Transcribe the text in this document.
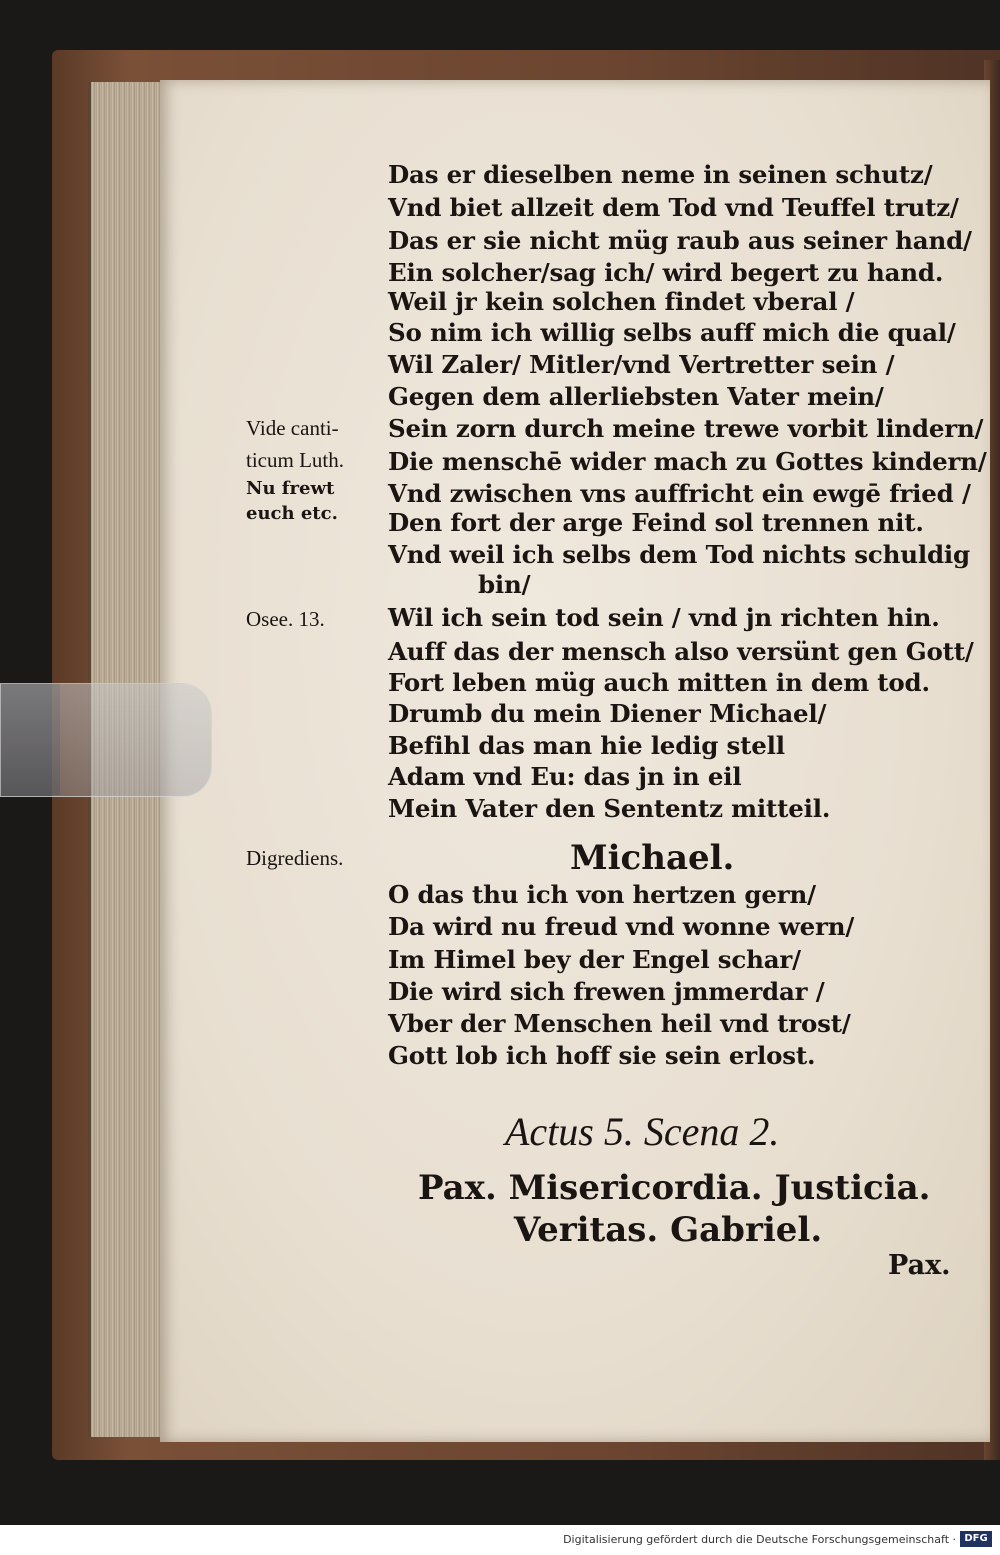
Das er dieselben neme in seinen schutz/
Vnd biet allzeit dem Tod vnd Teuffel trutz/
Das er sie nicht müg raub aus seiner hand/
Ein solcher/sag ich/ wird begert zu hand.
Weil jr kein solchen findet vberal /
So nim ich willig selbs auff mich die qual/
Wil Zaler/ Mitler/vnd Vertretter sein /
Gegen dem allerliebsten Vater mein/
Sein zorn durch meine trewe vorbit lindern/
Die menschē wider mach zu Gottes kindern/
Vnd zwischen vns auffricht ein ewgē fried /
Den fort der arge Feind sol trennen nit.
Vnd weil ich selbs dem Tod nichts schuldig
bin/
Wil ich sein tod sein / vnd jn richten hin.
Auff das der mensch also versünt gen Gott/
Fort leben müg auch mitten in dem tod.
Drumb du mein Diener Michael/
Befihl das man hie ledig stell
Adam vnd Eu: das jn in eil
Mein Vater den Sententz mitteil.
Vide canti-
ticum Luth.
Nu frewt
euch etc.
Osee. 13.
Digrediens.	Michael.
O das thu ich von hertzen gern/
Da wird nu freud vnd wonne wern/
Im Himel bey der Engel schar/
Die wird sich frewen jmmerdar /
Vber der Menschen heil vnd trost/
Gott lob ich hoff sie sein erlost.
Actus 5. Scena 2.
Pax. Misericordia. Justicia.
Veritas. Gabriel.
Pax.
Digitalisierung gefördert durch die Deutsche Forschungsgemeinschaft · DFG
